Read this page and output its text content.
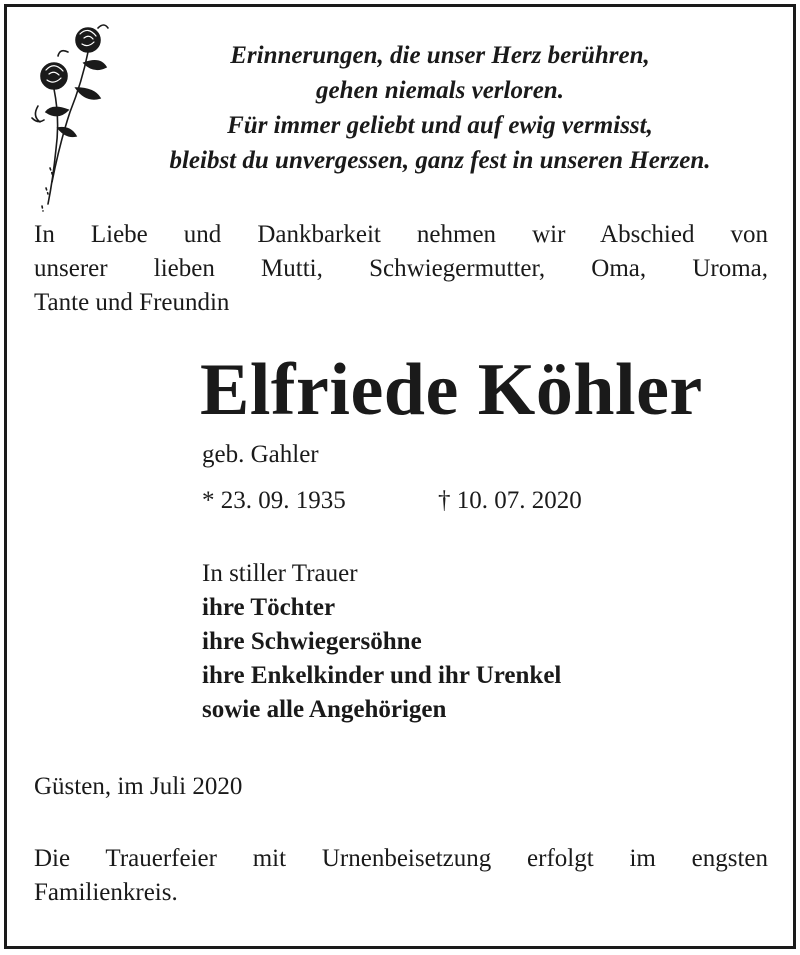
Erinnerungen, die unser Herz berühren,
gehen niemals verloren.
Für immer geliebt und auf ewig vermisst,
bleibst du unvergessen, ganz fest in unseren Herzen.
In Liebe und Dankbarkeit nehmen wir Abschied von
unserer lieben Mutti, Schwiegermutter, Oma, Uroma,
Tante und Freundin
Elfriede Köhler
geb. Gahler
* 23. 09. 1935	† 10. 07. 2020
In stiller Trauer
ihre Töchter
ihre Schwiegersöhne
ihre Enkelkinder und ihr Urenkel
sowie alle Angehörigen
Güsten, im Juli 2020
Die Trauerfeier mit Urnenbeisetzung erfolgt im engsten
Familienkreis.
